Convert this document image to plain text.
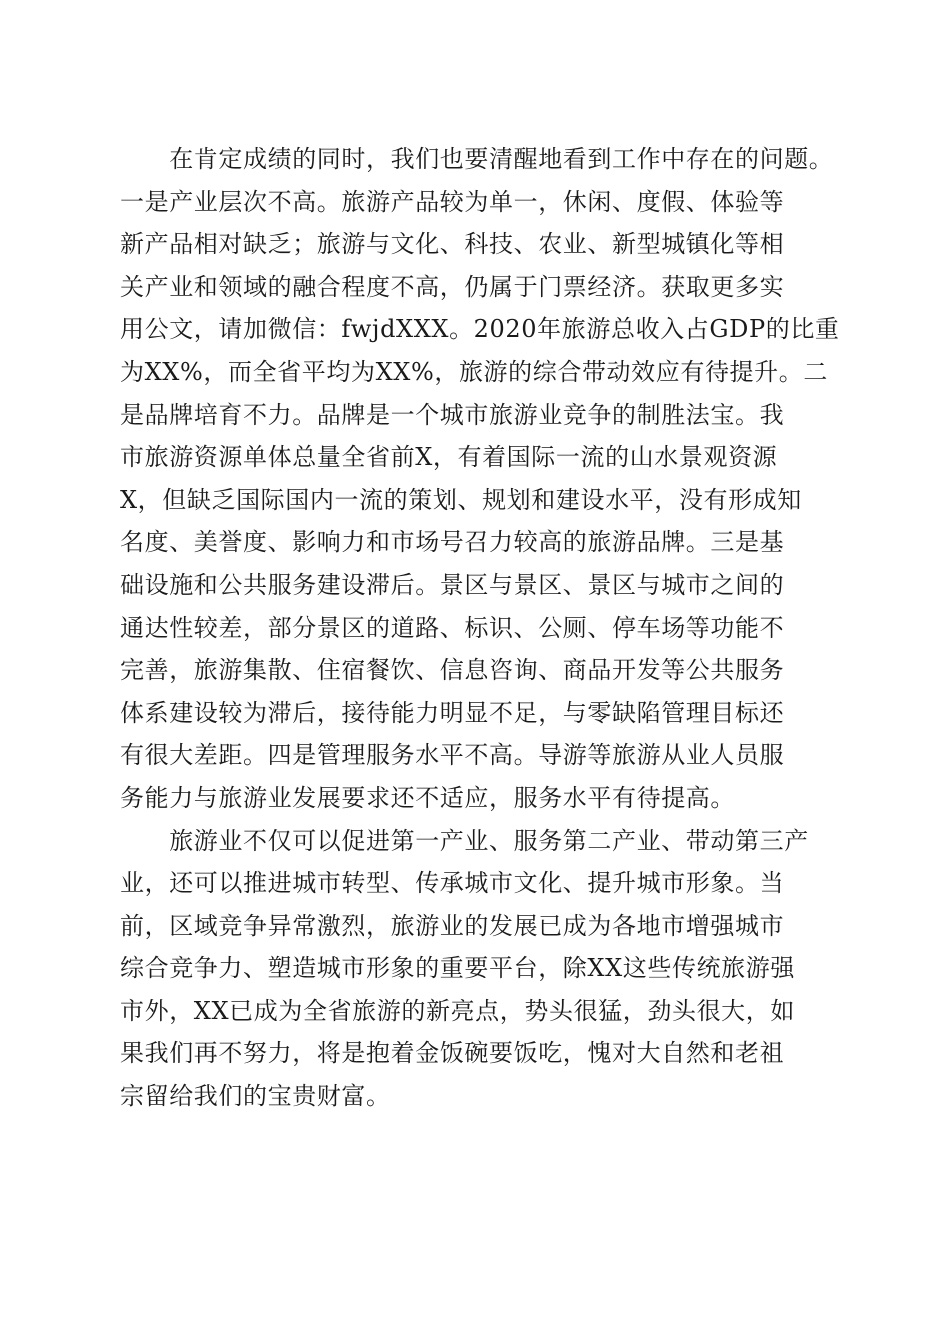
　　在肯定成绩的同时，我们也要清醒地看到工作中存在的问题。
一是产业层次不高。旅游产品较为单一，休闲、度假、体验等
新产品相对缺乏；旅游与文化、科技、农业、新型城镇化等相
关产业和领域的融合程度不高，仍属于门票经济。获取更多实
用公文，请加微信：fwjdXXX。2020年旅游总收入占GDP的比重
为XX%，而全省平均为XX%，旅游的综合带动效应有待提升。二
是品牌培育不力。品牌是一个城市旅游业竞争的制胜法宝。我
市旅游资源单体总量全省前X，有着国际一流的山水景观资源
X，但缺乏国际国内一流的策划、规划和建设水平，没有形成知
名度、美誉度、影响力和市场号召力较高的旅游品牌。三是基
础设施和公共服务建设滞后。景区与景区、景区与城市之间的
通达性较差，部分景区的道路、标识、公厕、停车场等功能不
完善，旅游集散、住宿餐饮、信息咨询、商品开发等公共服务
体系建设较为滞后，接待能力明显不足，与零缺陷管理目标还
有很大差距。四是管理服务水平不高。导游等旅游从业人员服
务能力与旅游业发展要求还不适应，服务水平有待提高。
　　旅游业不仅可以促进第一产业、服务第二产业、带动第三产
业，还可以推进城市转型、传承城市文化、提升城市形象。当
前，区域竞争异常激烈，旅游业的发展已成为各地市增强城市
综合竞争力、塑造城市形象的重要平台，除XX这些传统旅游强
市外，XX已成为全省旅游的新亮点，势头很猛，劲头很大，如
果我们再不努力，将是抱着金饭碗要饭吃，愧对大自然和老祖
宗留给我们的宝贵财富。
